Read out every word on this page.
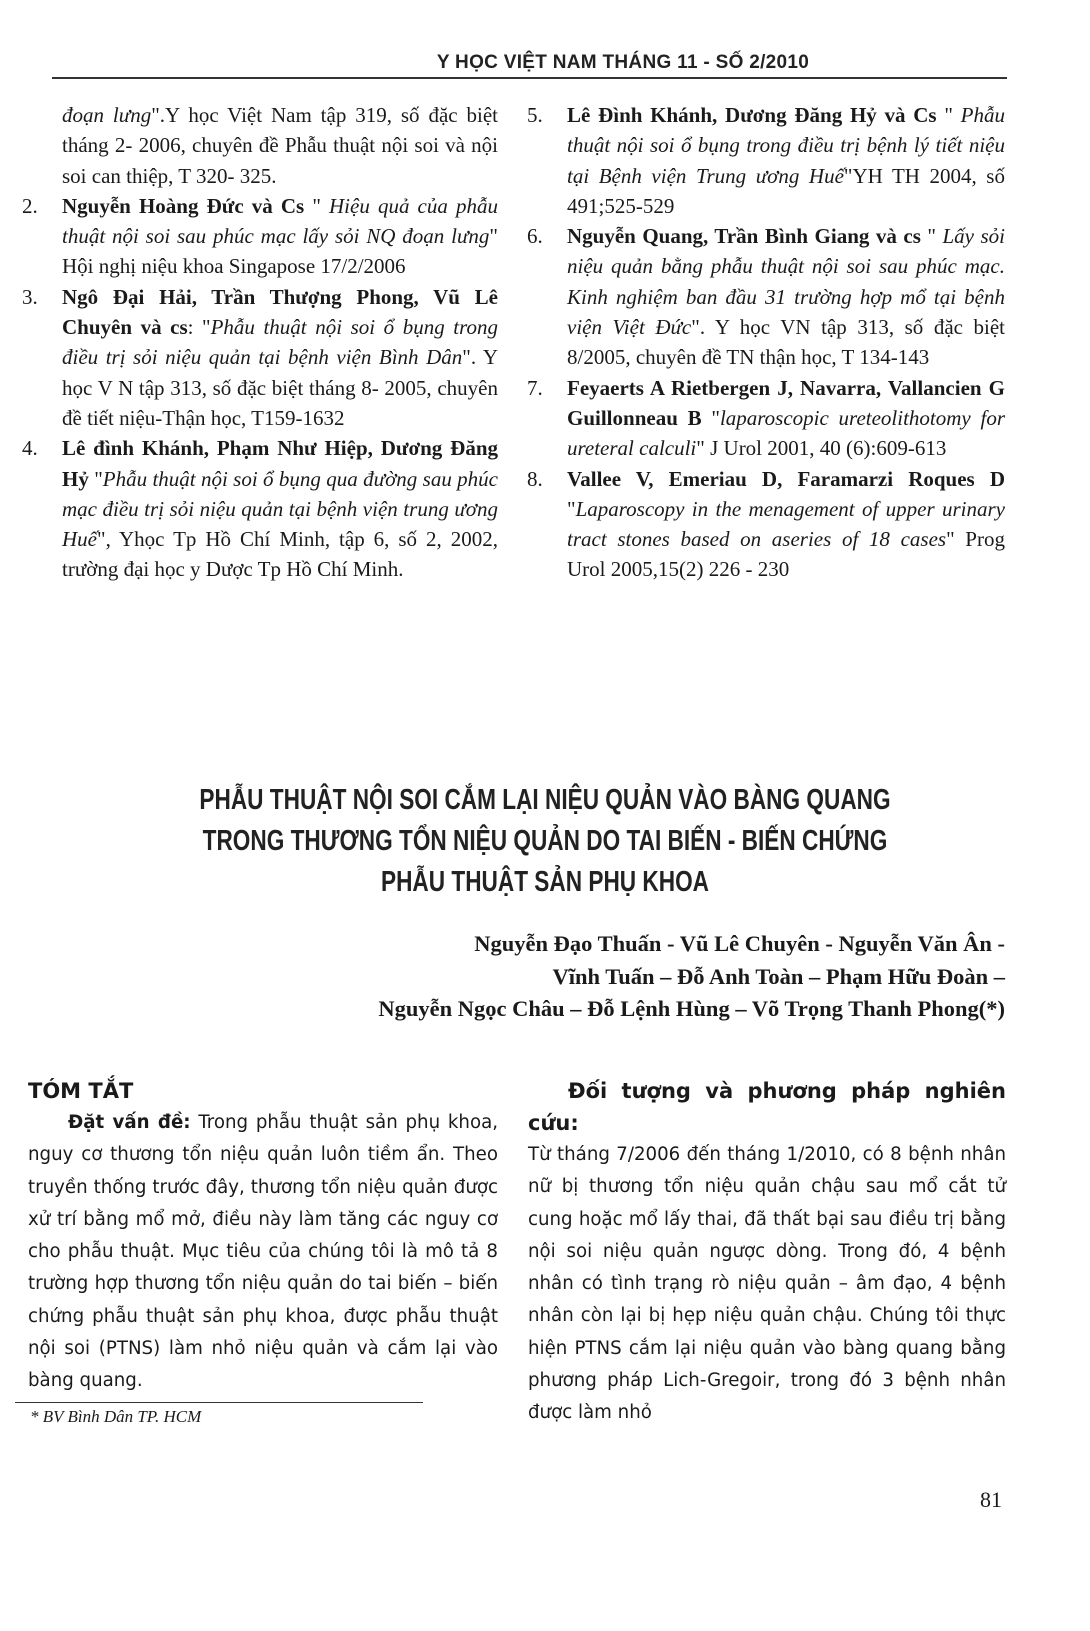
Y HỌC VIỆT NAM THÁNG 11 - SỐ 2/2010
đoạn lưng".Y học Việt Nam tập 319, số đặc biệt tháng 2- 2006, chuyên đề Phẫu thuật nội soi và nội soi can thiệp, T 320- 325.
2. Nguyễn Hoàng Đức và Cs " Hiệu quả của phẫu thuật nội soi sau phúc mạc lấy sỏi NQ đoạn lưng" Hội nghị niệu khoa Singapose 17/2/2006
3. Ngô Đại Hải, Trần Thượng Phong, Vũ Lê Chuyên và cs: "Phẫu thuật nội soi ổ bụng trong điều trị sỏi niệu quản tại bệnh viện Bình Dân". Y học V N tập 313, số đặc biệt tháng 8- 2005, chuyên đề tiết niệu-Thận học, T159-1632
4. Lê đình Khánh, Phạm Như Hiệp, Dương Đăng Hỷ "Phẫu thuật nội soi ổ bụng qua đường sau phúc mạc điều trị sỏi niệu quản tại bệnh viện trung ương Huế", Yhọc Tp Hồ Chí Minh, tập 6, số 2, 2002, trường đại học y Dược Tp Hồ Chí Minh.
5. Lê Đình Khánh, Dương Đăng Hỷ và Cs " Phẫu thuật nội soi ổ bụng trong điều trị bệnh lý tiết niệu tại Bệnh viện Trung ương Huế"YH TH 2004, số 491;525-529
6. Nguyễn Quang, Trần Bình Giang và cs " Lấy sỏi niệu quản bằng phẫu thuật nội soi sau phúc mạc. Kinh nghiệm ban đầu 31 trường hợp mổ tại bệnh viện Việt Đức". Y học VN tập 313, số đặc biệt 8/2005, chuyên đề TN thận học, T 134-143
7. Feyaerts A Rietbergen J, Navarra, Vallancien G Guillonneau B "laparoscopic ureteolithotomy for ureteral calculi" J Urol 2001, 40 (6):609-613
8. Vallee V, Emeriau D, Faramarzi Roques D "Laparoscopy in the menagement of upper urinary tract stones based on aseries of 18 cases" Prog Urol 2005,15(2) 226 - 230
PHẪU THUẬT NỘI SOI CẮM LẠI NIỆU QUẢN VÀO BÀNG QUANG
TRONG THƯƠNG TỔN NIỆU QUẢN DO TAI BIẾN - BIẾN CHỨNG
PHẪU THUẬT SẢN PHỤ KHOA
Nguyễn Đạo Thuấn - Vũ Lê Chuyên - Nguyễn Văn Ân -
Vĩnh Tuấn – Đỗ Anh Toàn – Phạm Hữu Đoàn –
Nguyễn Ngọc Châu – Đỗ Lệnh Hùng – Võ Trọng Thanh Phong(*)
TÓM TẮT
Đặt vấn đề: Trong phẫu thuật sản phụ khoa, nguy cơ thương tổn niệu quản luôn tiềm ẩn. Theo truyền thống trước đây, thương tổn niệu quản được xử trí bằng mổ mở, điều này làm tăng các nguy cơ cho phẫu thuật. Mục tiêu của chúng tôi là mô tả 8 trường hợp thương tổn niệu quản do tai biến – biến chứng phẫu thuật sản phụ khoa, được phẫu thuật nội soi (PTNS) làm nhỏ niệu quản và cắm lại vào bàng quang.
Đối tượng và phương pháp nghiên cứu:
Từ tháng 7/2006 đến tháng 1/2010, có 8 bệnh nhân nữ bị thương tổn niệu quản chậu sau mổ cắt tử cung hoặc mổ lấy thai, đã thất bại sau điều trị bằng nội soi niệu quản ngược dòng. Trong đó, 4 bệnh nhân có tình trạng rò niệu quản – âm đạo, 4 bệnh nhân còn lại bị hẹp niệu quản chậu. Chúng tôi thực hiện PTNS cắm lại niệu quản vào bàng quang bằng phương pháp Lich-Gregoir, trong đó 3 bệnh nhân được làm nhỏ
* BV Bình Dân TP. HCM
81
